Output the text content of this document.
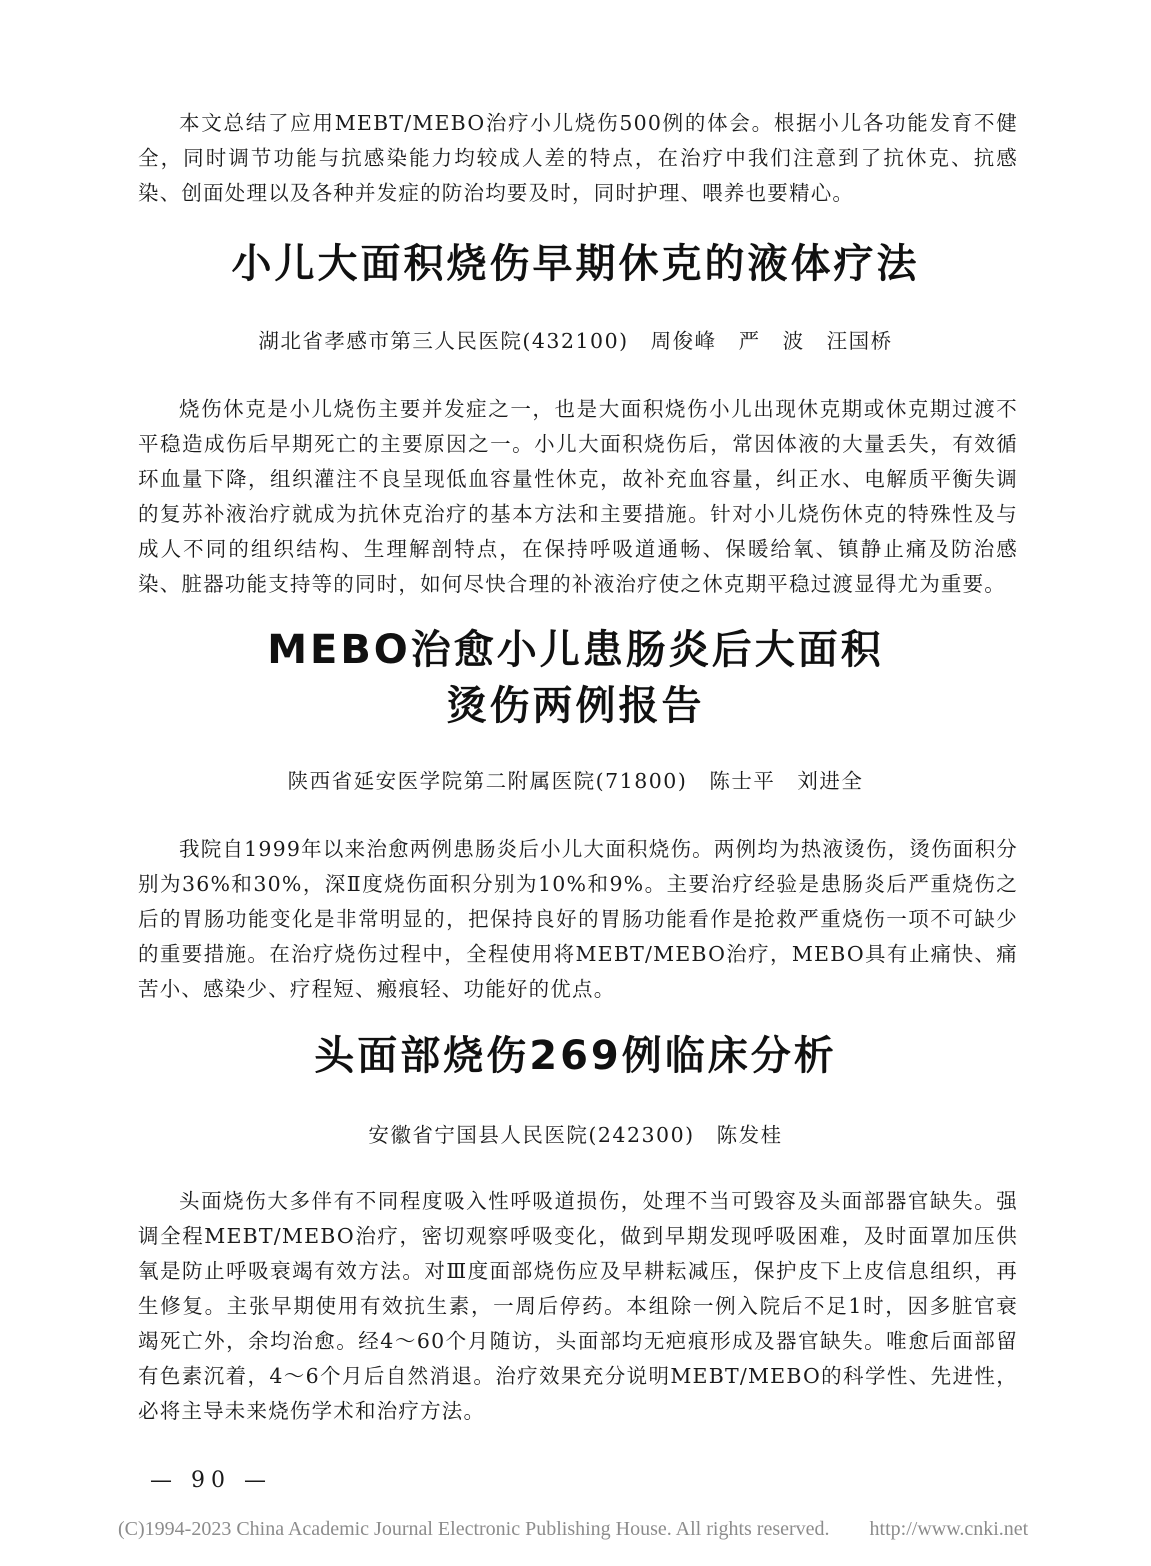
本文总结了应用MEBT/MEBO治疗小儿烧伤500例的体会。根据小儿各功能发育不健全，同时调节功能与抗感染能力均较成人差的特点，在治疗中我们注意到了抗休克、抗感染、创面处理以及各种并发症的防治均要及时，同时护理、喂养也要精心。

小儿大面积烧伤早期休克的液体疗法

湖北省孝感市第三人民医院(432100)　周俊峰　严　波　汪国桥

烧伤休克是小儿烧伤主要并发症之一，也是大面积烧伤小儿出现休克期或休克期过渡不平稳造成伤后早期死亡的主要原因之一。小儿大面积烧伤后，常因体液的大量丢失，有效循环血量下降，组织灌注不良呈现低血容量性休克，故补充血容量，纠正水、电解质平衡失调的复苏补液治疗就成为抗休克治疗的基本方法和主要措施。针对小儿烧伤休克的特殊性及与成人不同的组织结构、生理解剖特点，在保持呼吸道通畅、保暖给氧、镇静止痛及防治感染、脏器功能支持等的同时，如何尽快合理的补液治疗使之休克期平稳过渡显得尤为重要。

MEBO治愈小儿患肠炎后大面积
烫伤两例报告

陕西省延安医学院第二附属医院(71800)　陈士平　刘进全

我院自1999年以来治愈两例患肠炎后小儿大面积烧伤。两例均为热液烫伤，烫伤面积分别为36%和30%，深Ⅱ度烧伤面积分别为10%和9%。主要治疗经验是患肠炎后严重烧伤之后的胃肠功能变化是非常明显的，把保持良好的胃肠功能看作是抢救严重烧伤一项不可缺少的重要措施。在治疗烧伤过程中，全程使用将MEBT/MEBO治疗，MEBO具有止痛快、痛苦小、感染少、疗程短、瘢痕轻、功能好的优点。

头面部烧伤269例临床分析

安徽省宁国县人民医院(242300)　陈发桂

头面烧伤大多伴有不同程度吸入性呼吸道损伤，处理不当可毁容及头面部器官缺失。强调全程MEBT/MEBO治疗，密切观察呼吸变化，做到早期发现呼吸困难，及时面罩加压供氧是防止呼吸衰竭有效方法。对Ⅲ度面部烧伤应及早耕耘减压，保护皮下上皮信息组织，再生修复。主张早期使用有效抗生素，一周后停药。本组除一例入院后不足1时，因多脏官衰竭死亡外，余均治愈。经4～60个月随访，头面部均无疤痕形成及器官缺失。唯愈后面部留有色素沉着，4～6个月后自然消退。治疗效果充分说明MEBT/MEBO的科学性、先进性，必将主导未来烧伤学术和治疗方法。

— 90 —
(C)1994-2023 China Academic Journal Electronic Publishing House. All rights reserved.　　http://www.cnki.net
